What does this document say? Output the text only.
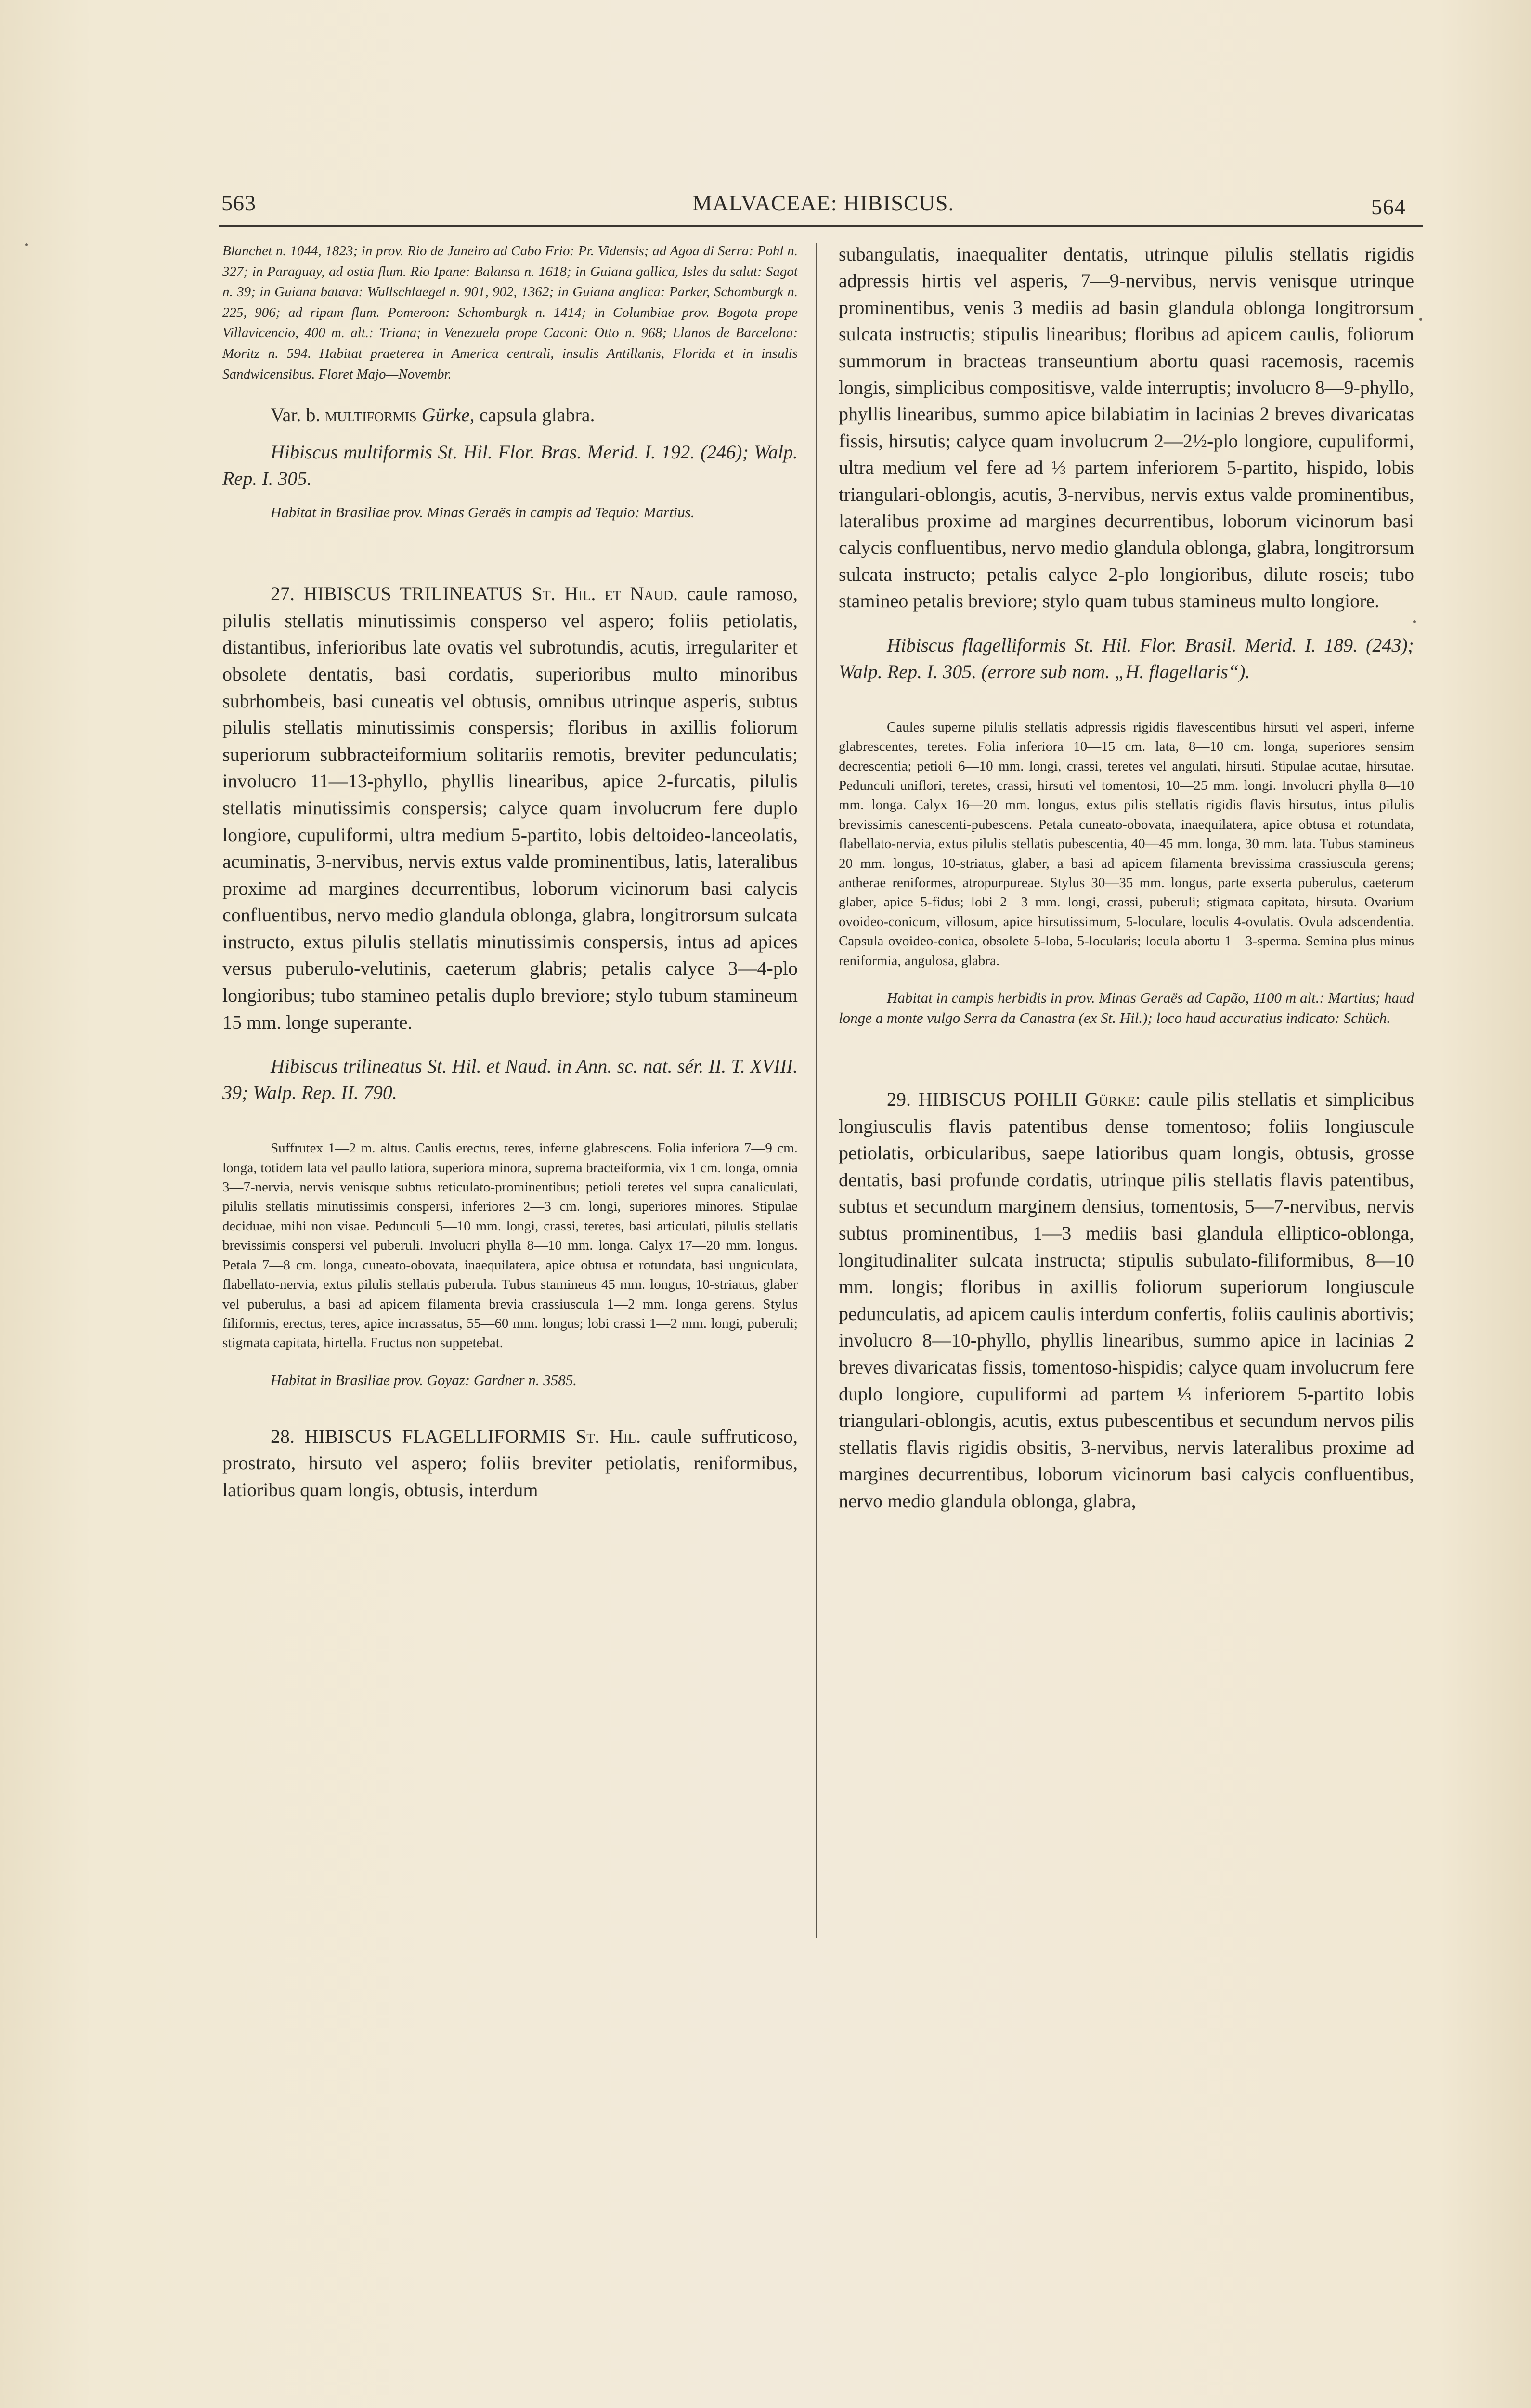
563	MALVACEAE: HIBISCUS.	564

Blanchet n. 1044, 1823; in prov. Rio de Janeiro ad Cabo Frio: Pr. Vidensis; ad Agoa di Serra: Pohl n. 327; in Paraguay, ad ostia flum. Rio Ipane: Balansa n. 1618; in Guiana gallica, Isles du salut: Sagot n. 39; in Guiana batava: Wullschlaegel n. 901, 902, 1362; in Guiana anglica: Parker, Schomburgk n. 225, 906; ad ripam flum. Pomeroon: Schomburgk n. 1414; in Columbiae prov. Bogota prope Villavicencio, 400 m. alt.: Triana; in Venezuela prope Caconi: Otto n. 968; Llanos de Barcelona: Moritz n. 594. Habitat praeterea in America centrali, insulis Antillanis, Florida et in insulis Sandwicensibus. Floret Majo—Novembr.

Var. b. multiformis Gürke, capsula glabra.

Hibiscus multiformis St. Hil. Flor. Bras. Merid. I. 192. (246); Walp. Rep. I. 305.

Habitat in Brasiliae prov. Minas Geraës in campis ad Tequio: Martius.

27. HIBISCUS TRILINEATUS St. Hil. et Naud. caule ramoso, pilulis stellatis minutissimis consperso vel aspero; foliis petiolatis, distantibus, inferioribus late ovatis vel subrotundis, acutis, irregulariter et obsolete dentatis, basi cordatis, superioribus multo minoribus subrhombeis, basi cuneatis vel obtusis, omnibus utrinque asperis, subtus pilulis stellatis minutissimis conspersis; floribus in axillis foliorum superiorum subbracteiformium solitariis remotis, breviter pedunculatis; involucro 11—13-phyllo, phyllis linearibus, apice 2-furcatis, pilulis stellatis minutissimis conspersis; calyce quam involucrum fere duplo longiore, cupuliformi, ultra medium 5-partito, lobis deltoideo-lanceolatis, acuminatis, 3-nervibus, nervis extus valde prominentibus, latis, lateralibus proxime ad margines decurrentibus, loborum vicinorum basi calycis confluentibus, nervo medio glandula oblonga, glabra, longitrorsum sulcata instructo, extus pilulis stellatis minutissimis conspersis, intus ad apices versus puberulo-velutinis, caeterum glabris; petalis calyce 3—4-plo longioribus; tubo stamineo petalis duplo breviore; stylo tubum stamineum 15 mm. longe superante.

Hibiscus trilineatus St. Hil. et Naud. in Ann. sc. nat. sér. II. T. XVIII. 39; Walp. Rep. II. 790.

Suffrutex 1—2 m. altus. Caulis erectus, teres, inferne glabrescens. Folia inferiora 7—9 cm. longa, totidem lata vel paullo latiora, superiora minora, suprema bracteiformia, vix 1 cm. longa, omnia 3—7-nervia, nervis venisque subtus reticulato-prominentibus; petioli teretes vel supra canaliculati, pilulis stellatis minutissimis conspersi, inferiores 2—3 cm. longi, superiores minores. Stipulae deciduae, mihi non visae. Pedunculi 5—10 mm. longi, crassi, teretes, basi articulati, pilulis stellatis brevissimis conspersi vel puberuli. Involucri phylla 8—10 mm. longa. Calyx 17—20 mm. longus. Petala 7—8 cm. longa, cuneato-obovata, inaequilatera, apice obtusa et rotundata, basi unguiculata, flabellato-nervia, extus pilulis stellatis puberula. Tubus stamineus 45 mm. longus, 10-striatus, glaber vel puberulus, a basi ad apicem filamenta brevia crassiuscula 1—2 mm. longa gerens. Stylus filiformis, erectus, teres, apice incrassatus, 55—60 mm. longus; lobi crassi 1—2 mm. longi, puberuli; stigmata capitata, hirtella. Fructus non suppetebat.

Habitat in Brasiliae prov. Goyaz: Gardner n. 3585.

28. HIBISCUS FLAGELLIFORMIS St. Hil. caule suffruticoso, prostrato, hirsuto vel aspero; foliis breviter petiolatis, reniformibus, latioribus quam longis, obtusis, interdum

subangulatis, inaequaliter dentatis, utrinque pilulis stellatis rigidis adpressis hirtis vel asperis, 7—9-nervibus, nervis venisque utrinque prominentibus, venis 3 mediis ad basin glandula oblonga longitrorsum sulcata instructis; stipulis linearibus; floribus ad apicem caulis, foliorum summorum in bracteas transeuntium abortu quasi racemosis, racemis longis, simplicibus compositisve, valde interruptis; involucro 8—9-phyllo, phyllis linearibus, summo apice bilabiatim in lacinias 2 breves divaricatas fissis, hirsutis; calyce quam involucrum 2—2½-plo longiore, cupuliformi, ultra medium vel fere ad ⅓ partem inferiorem 5-partito, hispido, lobis triangulari-oblongis, acutis, 3-nervibus, nervis extus valde prominentibus, lateralibus proxime ad margines decurrentibus, loborum vicinorum basi calycis confluentibus, nervo medio glandula oblonga, glabra, longitrorsum sulcata instructo; petalis calyce 2-plo longioribus, dilute roseis; tubo stamineo petalis breviore; stylo quam tubus stamineus multo longiore.

Hibiscus flagelliformis St. Hil. Flor. Brasil. Merid. I. 189. (243); Walp. Rep. I. 305. (errore sub nom. „H. flagellaris“).

Caules superne pilulis stellatis adpressis rigidis flavescentibus hirsuti vel asperi, inferne glabrescentes, teretes. Folia inferiora 10—15 cm. lata, 8—10 cm. longa, superiores sensim decrescentia; petioli 6—10 mm. longi, crassi, teretes vel angulati, hirsuti. Stipulae acutae, hirsutae. Pedunculi uniflori, teretes, crassi, hirsuti vel tomentosi, 10—25 mm. longi. Involucri phylla 8—10 mm. longa. Calyx 16—20 mm. longus, extus pilis stellatis rigidis flavis hirsutus, intus pilulis brevissimis canescenti-pubescens. Petala cuneato-obovata, inaequilatera, apice obtusa et rotundata, flabellato-nervia, extus pilulis stellatis pubescentia, 40—45 mm. longa, 30 mm. lata. Tubus stamineus 20 mm. longus, 10-striatus, glaber, a basi ad apicem filamenta brevissima crassiuscula gerens; antherae reniformes, atropurpureae. Stylus 30—35 mm. longus, parte exserta puberulus, caeterum glaber, apice 5-fidus; lobi 2—3 mm. longi, crassi, puberuli; stigmata capitata, hirsuta. Ovarium ovoideo-conicum, villosum, apice hirsutissimum, 5-loculare, loculis 4-ovulatis. Ovula adscendentia. Capsula ovoideo-conica, obsolete 5-loba, 5-locularis; locula abortu 1—3-sperma. Semina plus minus reniformia, angulosa, glabra.

Habitat in campis herbidis in prov. Minas Geraës ad Capão, 1100 m alt.: Martius; haud longe a monte vulgo Serra da Canastra (ex St. Hil.); loco haud accuratius indicato: Schüch.

29. HIBISCUS POHLII Gürke: caule pilis stellatis et simplicibus longiusculis flavis patentibus dense tomentoso; foliis longiuscule petiolatis, orbicularibus, saepe latioribus quam longis, obtusis, grosse dentatis, basi profunde cordatis, utrinque pilis stellatis flavis patentibus, subtus et secundum marginem densius, tomentosis, 5—7-nervibus, nervis subtus prominentibus, 1—3 mediis basi glandula elliptico-oblonga, longitudinaliter sulcata instructa; stipulis subulato-filiformibus, 8—10 mm. longis; floribus in axillis foliorum superiorum longiuscule pedunculatis, ad apicem caulis interdum confertis, foliis caulinis abortivis; involucro 8—10-phyllo, phyllis linearibus, summo apice in lacinias 2 breves divaricatas fissis, tomentoso-hispidis; calyce quam involucrum fere duplo longiore, cupuliformi ad partem ⅓ inferiorem 5-partito lobis triangulari-oblongis, acutis, extus pubescentibus et secundum nervos pilis stellatis flavis rigidis obsitis, 3-nervibus, nervis lateralibus proxime ad margines decurrentibus, loborum vicinorum basi calycis confluentibus, nervo medio glandula oblonga, glabra,
